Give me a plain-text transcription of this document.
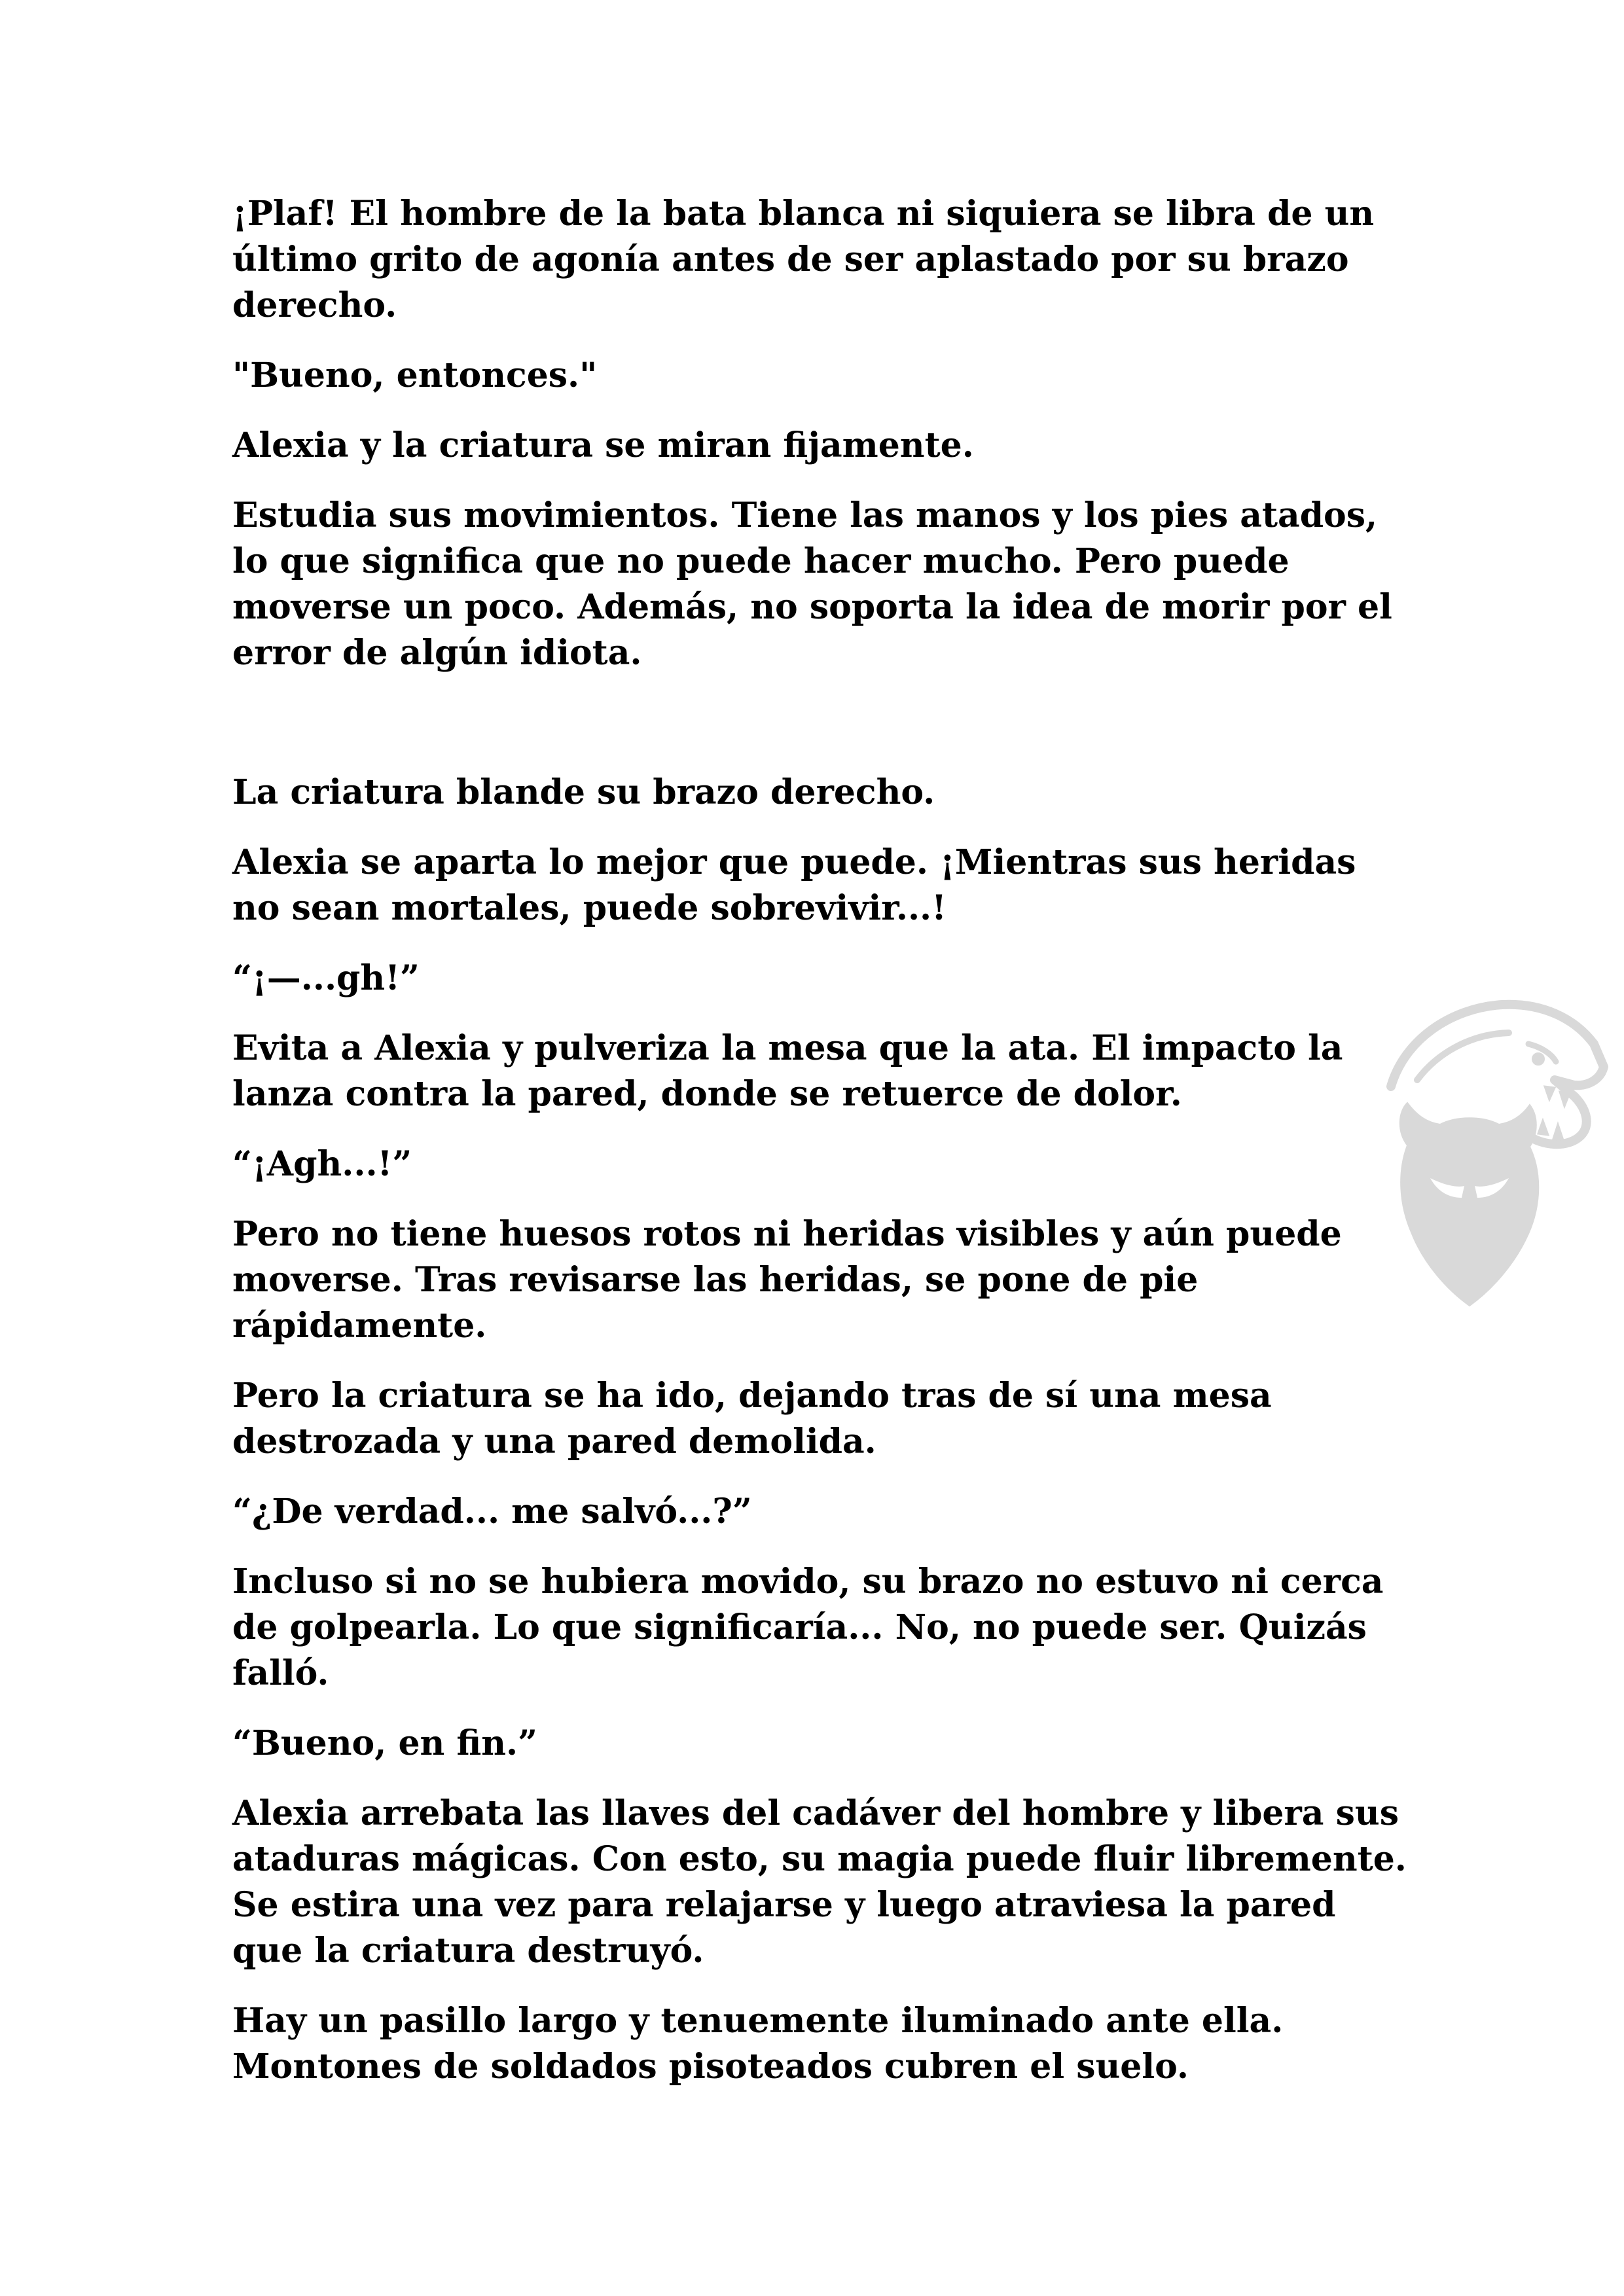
¡Plaf! El hombre de la bata blanca ni siquiera se libra de un último grito de agonía antes de ser aplastado por su brazo derecho.

"Bueno, entonces."

Alexia y la criatura se miran fijamente.

Estudia sus movimientos. Tiene las manos y los pies atados, lo que significa que no puede hacer mucho. Pero puede moverse un poco. Además, no soporta la idea de morir por el error de algún idiota.

La criatura blande su brazo derecho.

Alexia se aparta lo mejor que puede. ¡Mientras sus heridas no sean mortales, puede sobrevivir...!

“¡—...gh!”

Evita a Alexia y pulveriza la mesa que la ata. El impacto la lanza contra la pared, donde se retuerce de dolor.

“¡Agh...!”

Pero no tiene huesos rotos ni heridas visibles y aún puede moverse. Tras revisarse las heridas, se pone de pie rápidamente.

Pero la criatura se ha ido, dejando tras de sí una mesa destrozada y una pared demolida.

“¿De verdad... me salvó...?”

Incluso si no se hubiera movido, su brazo no estuvo ni cerca de golpearla. Lo que significaría... No, no puede ser. Quizás falló.

“Bueno, en fin.”

Alexia arrebata las llaves del cadáver del hombre y libera sus ataduras mágicas. Con esto, su magia puede fluir libremente. Se estira una vez para relajarse y luego atraviesa la pared que la criatura destruyó.

Hay un pasillo largo y tenuemente iluminado ante ella. Montones de soldados pisoteados cubren el suelo.
